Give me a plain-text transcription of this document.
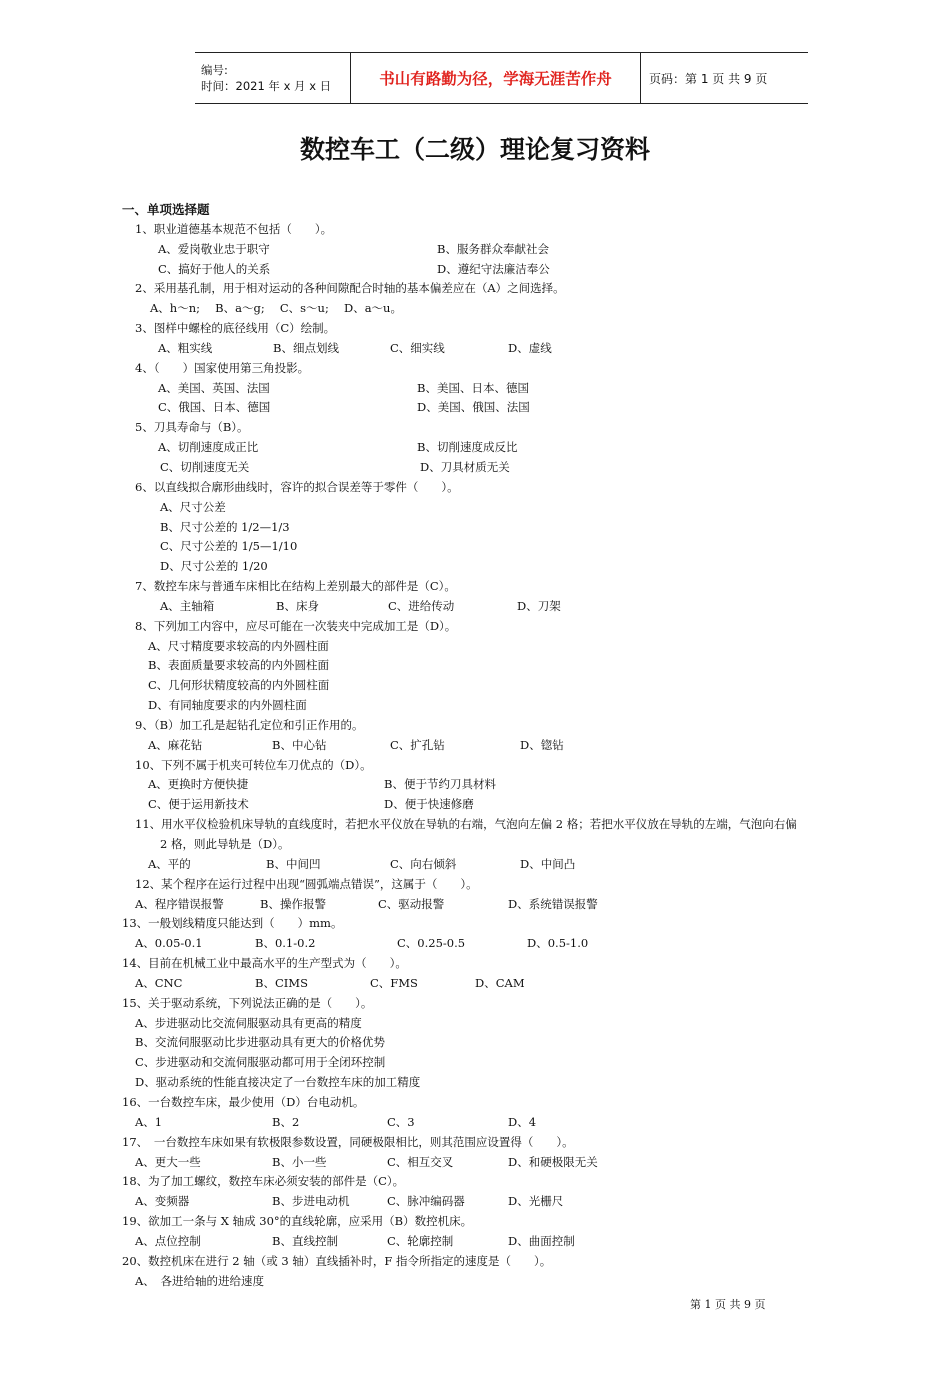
编号:
时间：2021 年 x 月 x 日	书山有路勤为径，学海无涯苦作舟	页码：第 1 页 共 9 页
数控车工（二级）理论复习资料
一、单项选择题
1、职业道德基本规范不包括（　　）。
A、爱岗敬业忠于职守	B、服务群众奉献社会
C、搞好于他人的关系	D、遵纪守法廉洁奉公
2、采用基孔制，用于相对运动的各种间隙配合时轴的基本偏差应在（A）之间选择。
A、h～n;　 B、a～g;　 C、s～u;　 D、a～u。
3、图样中螺栓的底径线用（C）绘制。
A、粗实线	B、细点划线	C、细实线	D、虚线
4、（　　）国家使用第三角投影。
A、美国、英国、法国	B、美国、日本、德国
C、俄国、日本、德国	D、美国、俄国、法国
5、刀具寿命与（B）。
A、切削速度成正比	B、切削速度成反比
C、切削速度无关	D、刀具材质无关
6、以直线拟合廓形曲线时，容许的拟合误差等于零件（　　）。
A、尺寸公差
B、尺寸公差的 1/2—1/3
C、尺寸公差的 1/5—1/10
D、尺寸公差的 1/20
7、数控车床与普通车床相比在结构上差别最大的部件是（C）。
A、主轴箱	B、床身	C、进给传动	D、刀架
8、下列加工内容中，应尽可能在一次装夹中完成加工是（D）。
A、尺寸精度要求较高的内外圆柱面
B、表面质量要求较高的内外圆柱面
C、几何形状精度较高的内外圆柱面
D、有同轴度要求的内外圆柱面
9、（B）加工孔是起钻孔定位和引正作用的。
A、麻花钻	B、中心钻	C、扩孔钻	D、锪钻
10、下列不属于机夹可转位车刀优点的（D）。
A、更换时方便快捷	B、便于节约刀具材料
C、便于运用新技术	D、便于快速修磨
11、用水平仪检验机床导轨的直线度时，若把水平仪放在导轨的右端，气泡向左偏 2 格；若把水平仪放在导轨的左端，气泡向右偏
2 格，则此导轨是（D）。
A、平的	B、中间凹	C、向右倾斜	D、中间凸
12、某个程序在运行过程中出现“圆弧端点错误”，这属于（　　）。
A、程序错误报警	B、操作报警	C、驱动报警	D、系统错误报警
13、一般划线精度只能达到（　　）mm。
A、0.05-0.1	B、0.1-0.2	C、0.25-0.5	D、0.5-1.0
14、目前在机械工业中最高水平的生产型式为（　　）。
A、CNC	B、CIMS	C、FMS	D、CAM
15、关于驱动系统，下列说法正确的是（　　）。
A、步进驱动比交流伺服驱动具有更高的精度
B、交流伺服驱动比步进驱动具有更大的价格优势
C、步进驱动和交流伺服驱动都可用于全闭环控制
D、驱动系统的性能直接决定了一台数控车床的加工精度
16、一台数控车床，最少使用（D）台电动机。
A、1	B、2	C、3	D、4
17、　一台数控车床如果有软极限参数设置，同硬极限相比，则其范围应设置得（　　）。
A、更大一些	B、小一些	C、相互交叉	D、和硬极限无关
18、为了加工螺纹，数控车床必须安装的部件是（C）。
A、变频器	B、步进电动机	C、脉冲编码器	D、光栅尺
19、欲加工一条与 X 轴成 30°的直线轮廓，应采用（B）数控机床。
A、点位控制	B、直线控制	C、轮廓控制	D、曲面控制
20、数控机床在进行 2 轴（或 3 轴）直线插补时，F 指令所指定的速度是（　　）。
A、　各进给轴的进给速度
第 1 页 共 9 页
